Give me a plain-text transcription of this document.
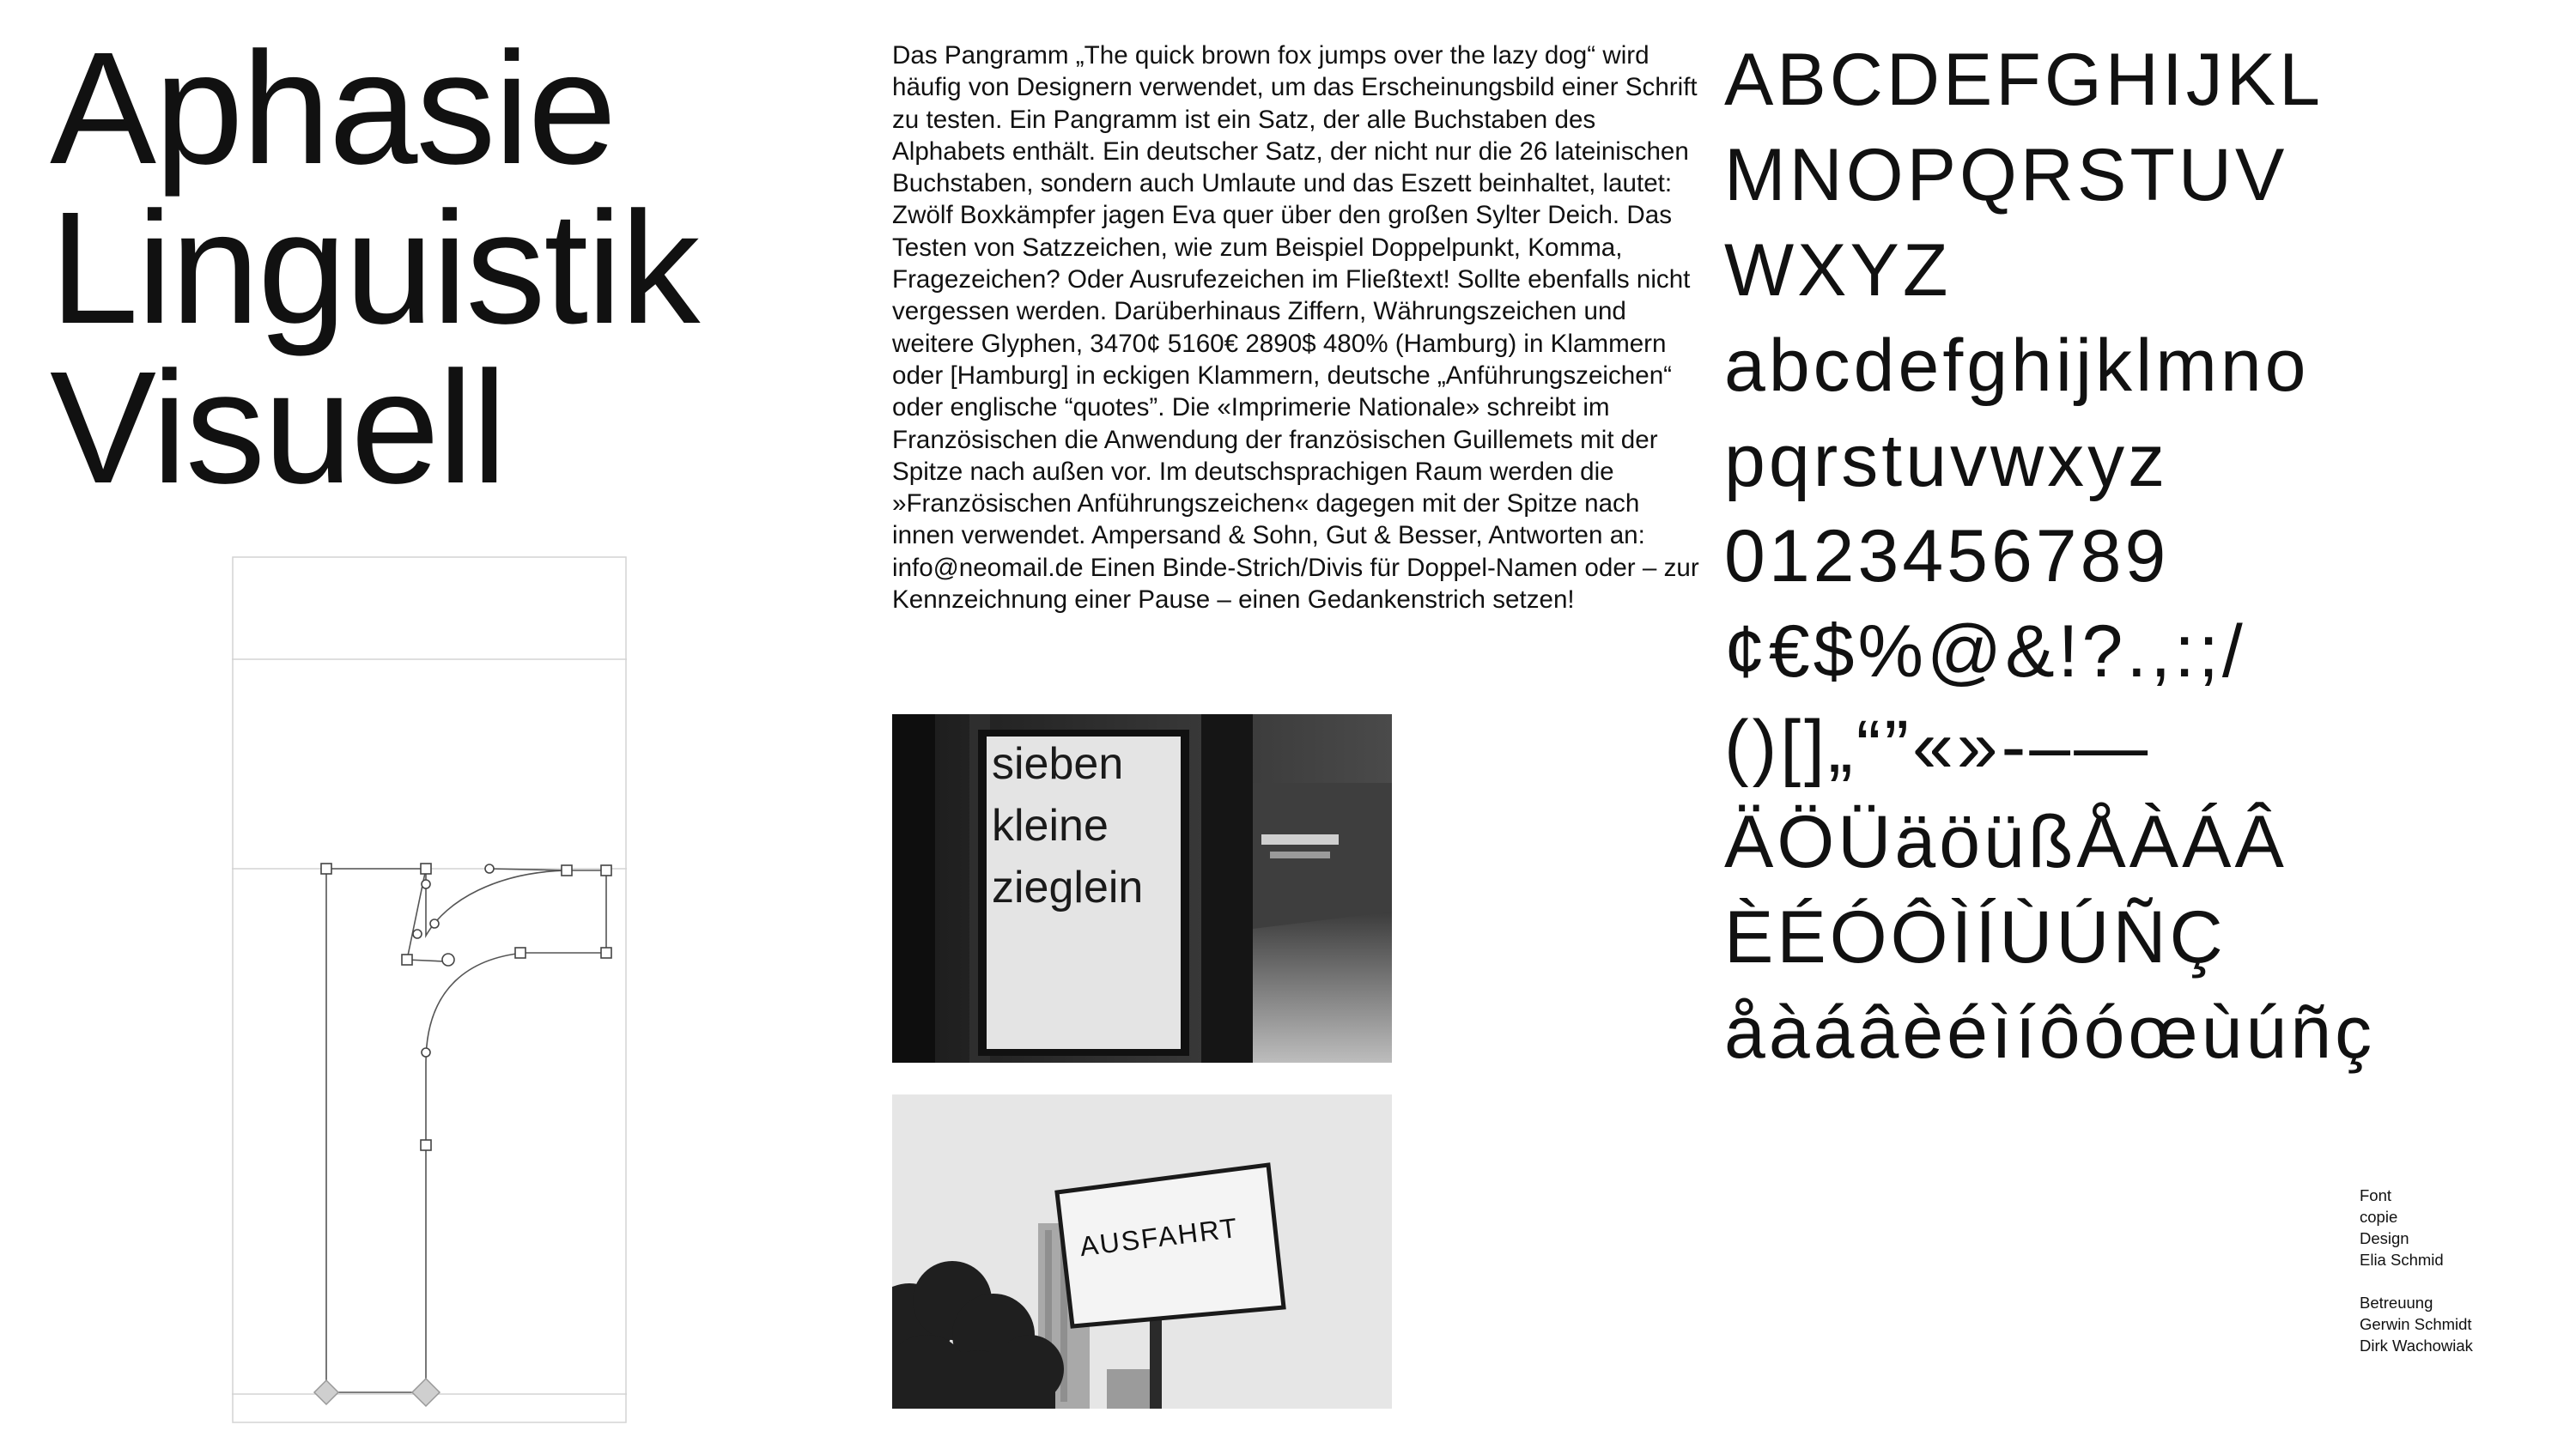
Aphasie
Linguistik
Visuell
Das Pangramm „The quick brown fox jumps over the lazy dog“ wird häufig von Designern verwendet, um das Erscheinungsbild einer Schrift zu testen. Ein Pangramm ist ein Satz, der alle Buchstaben des Alphabets enthält. Ein deutscher Satz, der nicht nur die 26 lateinischen Buchstaben, sondern auch Umlaute und das Eszett beinhaltet, lautet: Zwölf Boxkämpfer jagen Eva quer über den großen Sylter Deich. Das Testen von Satzzeichen, wie zum Beispiel Doppelpunkt, Komma, Fragezeichen? Oder Ausrufezeichen im Fließtext! Sollte ebenfalls nicht vergessen werden. Darüberhinaus Ziffern, Währungszeichen und weitere Glyphen, 3470¢ 5160€ 2890$ 480% (Hamburg) in Klammern oder [Hamburg] in eckigen Klammern, deutsche „Anführungszeichen“ oder englische “quotes”. Die «Imprimerie Nationale» schreibt im Französischen die Anwendung der französischen Guillemets mit der Spitze nach außen vor. Im deutschsprachigen Raum werden die »Französischen Anführungszeichen« dagegen mit der Spitze nach innen verwendet. Ampersand & Sohn, Gut & Besser, Antworten an: info@neomail.de Einen Binde-Strich/Divis für Doppel-Namen oder – zur Kennzeichnung einer Pause – einen Gedankenstrich setzen!
sieben
kleine
zieglein
AUSFAHRT
ABCDEFGHIJKL
MNOPQRSTUV
WXYZ
abcdefghijklmno
pqrstuvwxyz
0123456789
¢€$%@&!?.,:;/
()[]„“”«»-–—
ÄÖÜäöüßÅÀÁÂ
ÈÉÓÔÌÍÙÚÑÇ
åàáâèéìíôóœùúñç
Font
copie
Design
Elia Schmid
Betreuung
Gerwin Schmidt
Dirk Wachowiak
